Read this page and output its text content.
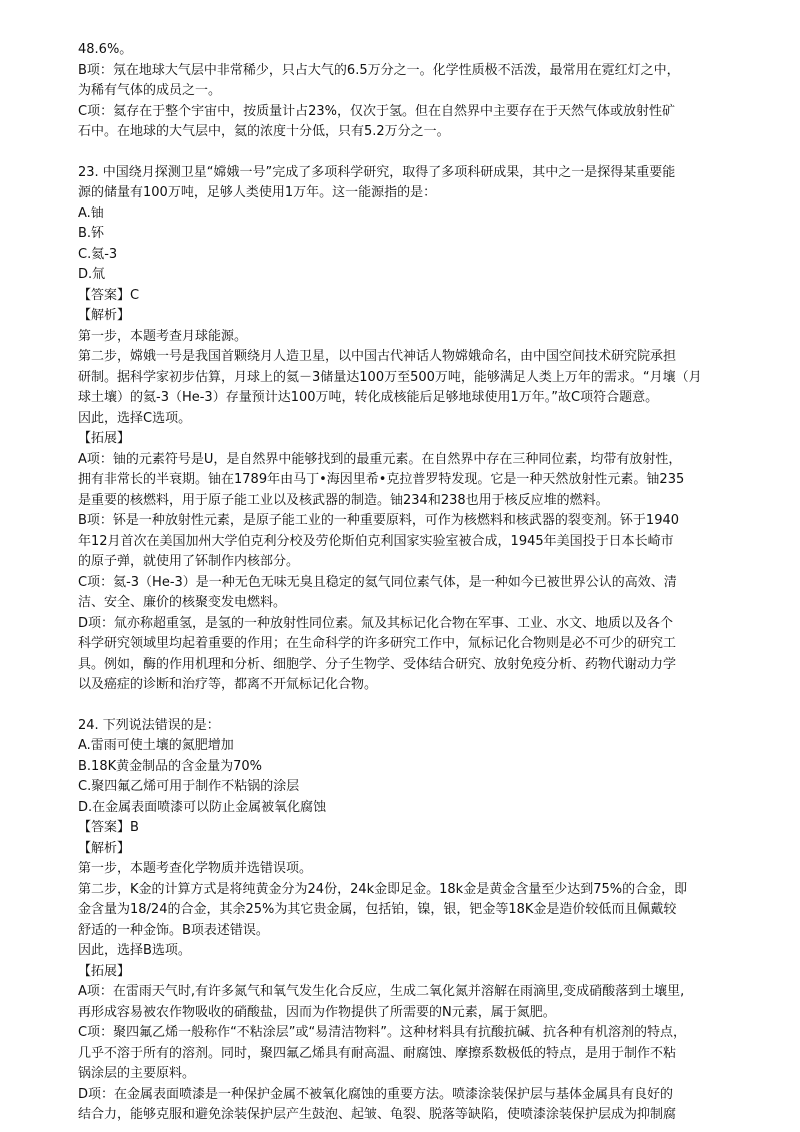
48.6%。
B项：氖在地球大气层中非常稀少，只占大气的6.5万分之一。化学性质极不活泼，最常用在霓红灯之中，
为稀有气体的成员之一。
C项：氦存在于整个宇宙中，按质量计占23%，仅次于氢。但在自然界中主要存在于天然气体或放射性矿
石中。在地球的大气层中，氦的浓度十分低，只有5.2万分之一。
23. 中国绕月探测卫星“嫦娥一号”完成了多项科学研究，取得了多项科研成果，其中之一是探得某重要能
源的储量有100万吨，足够人类使用1万年。这一能源指的是：
A.铀
B.钚
C.氦-3
D.氚
【答案】C
【解析】
第一步，本题考查月球能源。
第二步，嫦娥一号是我国首颗绕月人造卫星，以中国古代神话人物嫦娥命名，由中国空间技术研究院承担
研制。据科学家初步估算，月球上的氦－3储量达100万至500万吨，能够满足人类上万年的需求。“月壤（月
球土壤）的氦-3（He-3）存量预计达100万吨，转化成核能后足够地球使用1万年。”故C项符合题意。
因此，选择C选项。
【拓展】
A项：铀的元素符号是U，是自然界中能够找到的最重元素。在自然界中存在三种同位素，均带有放射性，
拥有非常长的半衰期。铀在1789年由马丁•海因里希•克拉普罗特发现。它是一种天然放射性元素。铀235
是重要的核燃料，用于原子能工业以及核武器的制造。铀234和238也用于核反应堆的燃料。
B项：钚是一种放射性元素，是原子能工业的一种重要原料，可作为核燃料和核武器的裂变剂。钚于1940
年12月首次在美国加州大学伯克利分校及劳伦斯伯克利国家实验室被合成，1945年美国投于日本长崎市
的原子弹，就使用了钚制作内核部分。
C项：氦-3（He-3）是一种无色无味无臭且稳定的氦气同位素气体，是一种如今已被世界公认的高效、清
洁、安全、廉价的核聚变发电燃料。
D项：氚亦称超重氢，是氢的一种放射性同位素。氚及其标记化合物在军事、工业、水文、地质以及各个
科学研究领域里均起着重要的作用；在生命科学的许多研究工作中，氚标记化合物则是必不可少的研究工
具。例如，酶的作用机理和分析、细胞学、分子生物学、受体结合研究、放射免疫分析、药物代谢动力学
以及癌症的诊断和治疗等，都离不开氚标记化合物。
24. 下列说法错误的是：
A.雷雨可使土壤的氮肥增加
B.18K黄金制品的含金量为70%
C.聚四氟乙烯可用于制作不粘锅的涂层
D.在金属表面喷漆可以防止金属被氧化腐蚀
【答案】B
【解析】
第一步，本题考查化学物质并选错误项。
第二步，K金的计算方式是将纯黄金分为24份，24k金即足金。18k金是黄金含量至少达到75%的合金，即
金含量为18/24的合金，其余25%为其它贵金属，包括铂，镍，银，钯金等18K金是造价较低而且佩戴较
舒适的一种金饰。B项表述错误。
因此，选择B选项。
【拓展】
A项：在雷雨天气时,有许多氮气和氧气发生化合反应，生成二氧化氮并溶解在雨滴里,变成硝酸落到土壤里,
再形成容易被农作物吸收的硝酸盐，因而为作物提供了所需要的N元素，属于氮肥。
C项：聚四氟乙烯一般称作“不粘涂层”或“易清洁物料”。这种材料具有抗酸抗碱、抗各种有机溶剂的特点，
几乎不溶于所有的溶剂。同时，聚四氟乙烯具有耐高温、耐腐蚀、摩擦系数极低的特点，是用于制作不粘
锅涂层的主要原料。
D项：在金属表面喷漆是一种保护金属不被氧化腐蚀的重要方法。喷漆涂装保护层与基体金属具有良好的
结合力，能够克服和避免涂装保护层产生鼓泡、起皱、龟裂、脱落等缺陷，使喷漆涂装保护层成为抑制腐
